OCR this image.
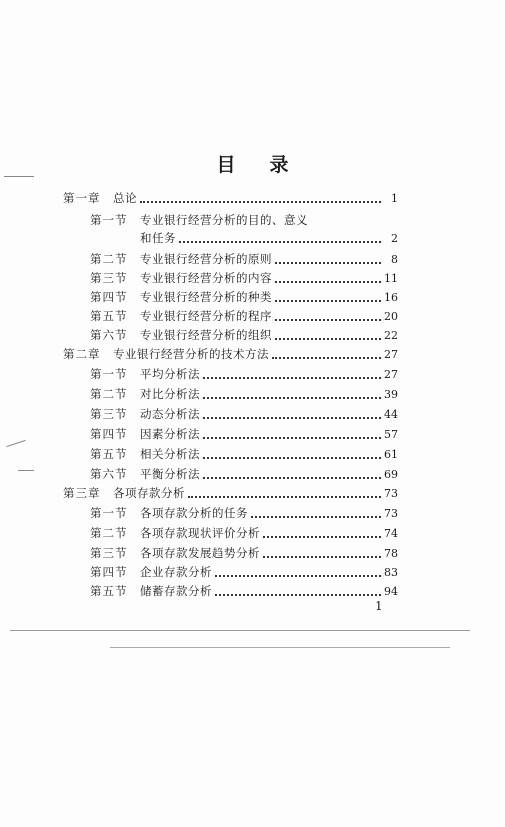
目 录
第一章	总论	1
第一节	专业银行经营分析的目的、意义
和任务	2
第二节	专业银行经营分析的原则	8
第三节	专业银行经营分析的内容	11
第四节	专业银行经营分析的种类	16
第五节	专业银行经营分析的程序	20
第六节	专业银行经营分析的组织	22
第二章	专业银行经营分析的技术方法	27
第一节	平均分析法	27
第二节	对比分析法	39
第三节	动态分析法	44
第四节	因素分析法	57
第五节	相关分析法	61
第六节	平衡分析法	69
第三章	各项存款分析	73
第一节	各项存款分析的任务	73
第二节	各项存款现状评价分析	74
第三节	各项存款发展趋势分析	78
第四节	企业存款分析	83
第五节	储蓄存款分析	94
1
